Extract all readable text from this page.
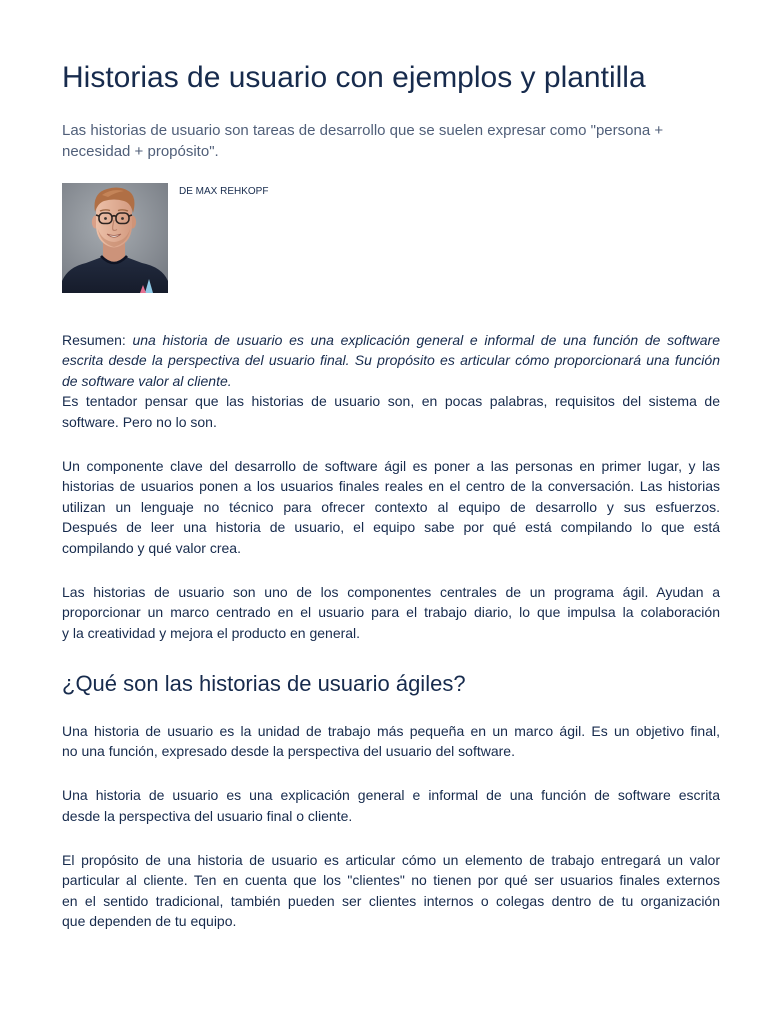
Historias de usuario con ejemplos y plantilla
Las historias de usuario son tareas de desarrollo que se suelen expresar como "persona +
necesidad + propósito".
DE MAX REHKOPF
Resumen: una historia de usuario es una explicación general e informal de una función de software
escrita desde la perspectiva del usuario final. Su propósito es articular cómo proporcionará una función
de software valor al cliente.
Es tentador pensar que las historias de usuario son, en pocas palabras, requisitos del sistema de
software. Pero no lo son.
Un componente clave del desarrollo de software ágil es poner a las personas en primer lugar, y las
historias de usuarios ponen a los usuarios finales reales en el centro de la conversación. Las historias
utilizan un lenguaje no técnico para ofrecer contexto al equipo de desarrollo y sus esfuerzos.
Después de leer una historia de usuario, el equipo sabe por qué está compilando lo que está
compilando y qué valor crea.
Las historias de usuario son uno de los componentes centrales de un programa ágil. Ayudan a
proporcionar un marco centrado en el usuario para el trabajo diario, lo que impulsa la colaboración
y la creatividad y mejora el producto en general.
¿Qué son las historias de usuario ágiles?
Una historia de usuario es la unidad de trabajo más pequeña en un marco ágil. Es un objetivo final,
no una función, expresado desde la perspectiva del usuario del software.
Una historia de usuario es una explicación general e informal de una función de software escrita
desde la perspectiva del usuario final o cliente.
El propósito de una historia de usuario es articular cómo un elemento de trabajo entregará un valor
particular al cliente. Ten en cuenta que los "clientes" no tienen por qué ser usuarios finales externos
en el sentido tradicional, también pueden ser clientes internos o colegas dentro de tu organización
que dependen de tu equipo.
